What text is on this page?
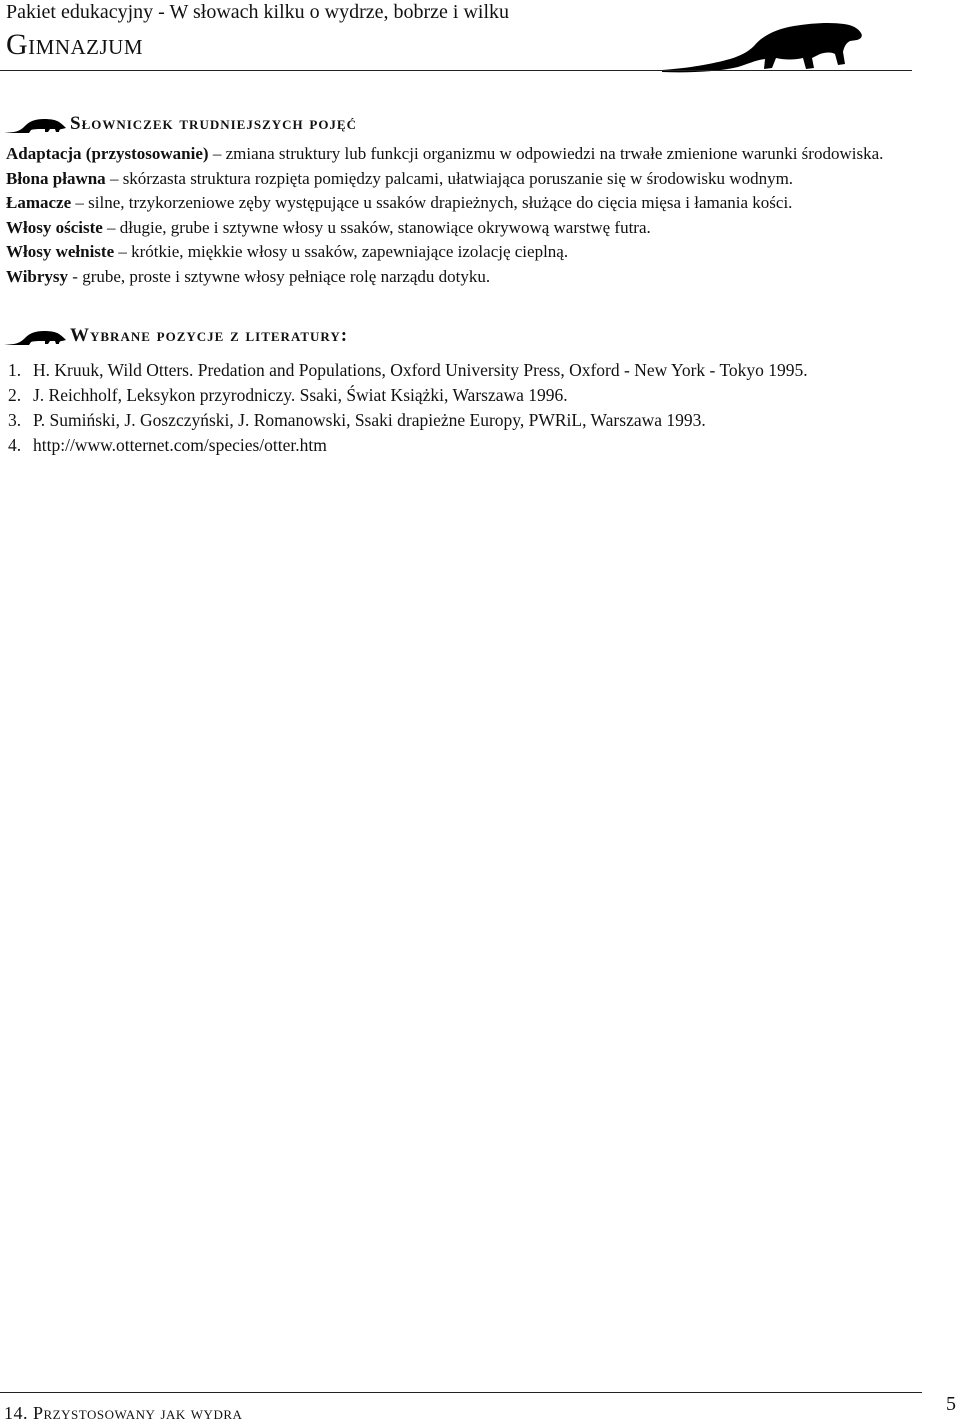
Pakiet edukacyjny - W słowach kilku o wydrze, bobrze i wilku
Gimnazjum
Słowniczek trudniejszych pojęć

Adaptacja (przystosowanie) – zmiana struktury lub funkcji organizmu w odpowiedzi na trwałe zmienione warunki środowiska.

Błona pławna – skórzasta struktura rozpięta pomiędzy palcami, ułatwiająca poruszanie się w środowisku wodnym.

Łamacze – silne, trzykorzeniowe zęby występujące u ssaków drapieżnych, służące do cięcia mięsa i łamania kości.

Włosy ościste – długie, grube i sztywne włosy u ssaków, stanowiące okrywową warstwę futra.

Włosy wełniste – krótkie, miękkie włosy u ssaków, zapewniające izolację cieplną.

Wibrysy - grube, proste i sztywne włosy pełniące rolę narządu dotyku.

Wybrane pozycje z literatury:
1. H. Kruuk, Wild Otters. Predation and Populations, Oxford University Press, Oxford - New York - Tokyo 1995.
2. J. Reichholf, Leksykon przyrodniczy. Ssaki, Świat Książki, Warszawa 1996.
3. P. Sumiński, J. Goszczyński, J. Romanowski, Ssaki drapieżne Europy, PWRiL, Warszawa 1993.
4. http://www.otternet.com/species/otter.htm
14. Przystosowany jak wydra	5
